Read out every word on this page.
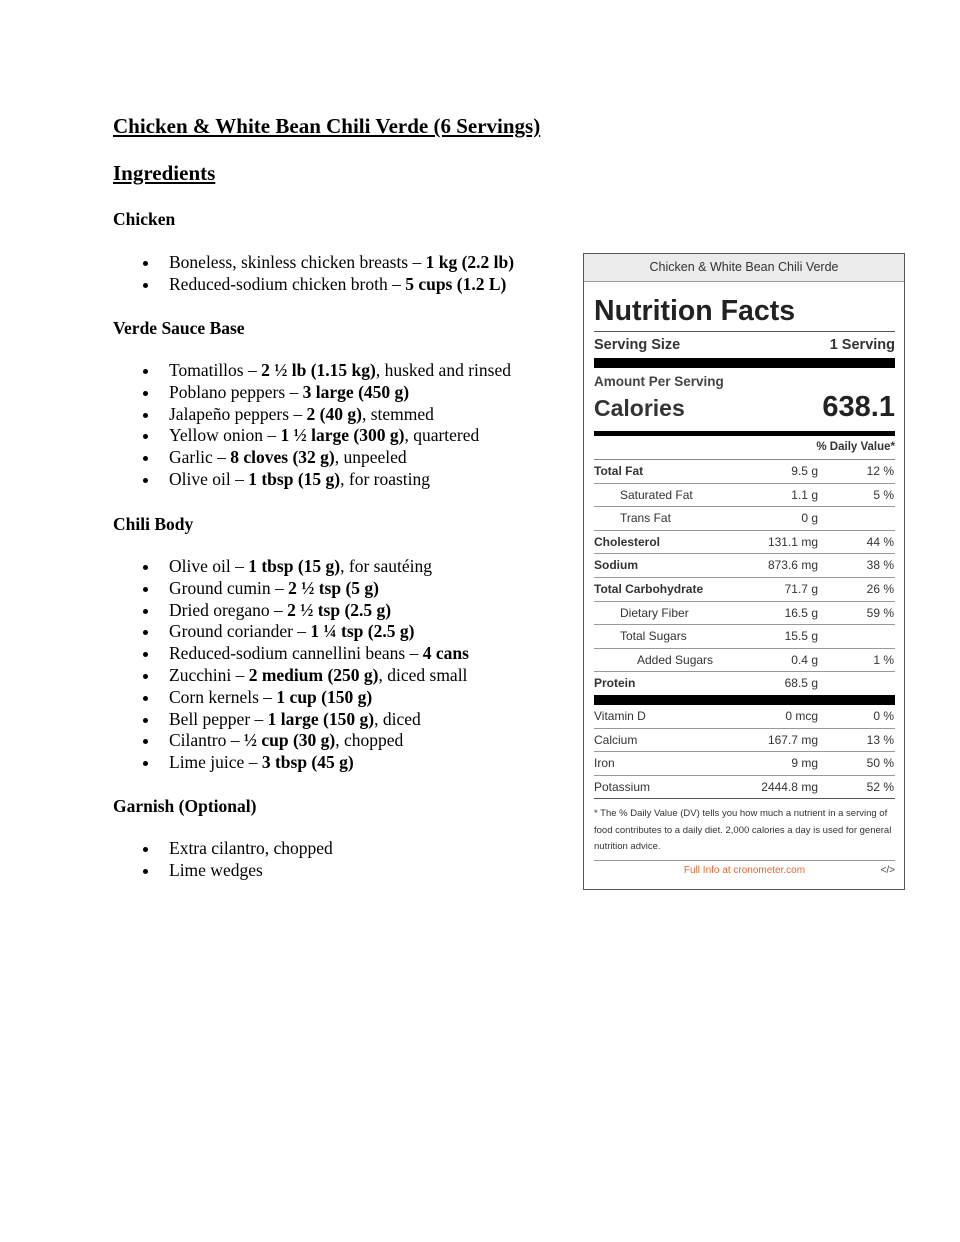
Chicken & White Bean Chili Verde (6 Servings)
Ingredients
Chicken
Boneless, skinless chicken breasts – 1 kg (2.2 lb)
Reduced-sodium chicken broth – 5 cups (1.2 L)
Verde Sauce Base
Tomatillos – 2 ½ lb (1.15 kg), husked and rinsed
Poblano peppers – 3 large (450 g)
Jalapeño peppers – 2 (40 g), stemmed
Yellow onion – 1 ½ large (300 g), quartered
Garlic – 8 cloves (32 g), unpeeled
Olive oil – 1 tbsp (15 g), for roasting
Chili Body
Olive oil – 1 tbsp (15 g), for sautéing
Ground cumin – 2 ½ tsp (5 g)
Dried oregano – 2 ½ tsp (2.5 g)
Ground coriander – 1 ¼ tsp (2.5 g)
Reduced-sodium cannellini beans – 4 cans
Zucchini – 2 medium (250 g), diced small
Corn kernels – 1 cup (150 g)
Bell pepper – 1 large (150 g), diced
Cilantro – ½ cup (30 g), chopped
Lime juice – 3 tbsp (45 g)
Garnish (Optional)
Extra cilantro, chopped
Lime wedges
Chicken & White Bean Chili Verde
Nutrition Facts
Serving Size	1 Serving
Amount Per Serving
Calories	638.1
% Daily Value*
Total Fat	9.5 g	12 %
Saturated Fat	1.1 g	5 %
Trans Fat	0 g
Cholesterol	131.1 mg	44 %
Sodium	873.6 mg	38 %
Total Carbohydrate	71.7 g	26 %
Dietary Fiber	16.5 g	59 %
Total Sugars	15.5 g
Added Sugars	0.4 g	1 %
Protein	68.5 g
Vitamin D	0 mcg	0 %
Calcium	167.7 mg	13 %
Iron	9 mg	50 %
Potassium	2444.8 mg	52 %
* The % Daily Value (DV) tells you how much a nutrient in a serving of food contributes to a daily diet. 2,000 calories a day is used for general nutrition advice.
Full Info at cronometer.com	</>
